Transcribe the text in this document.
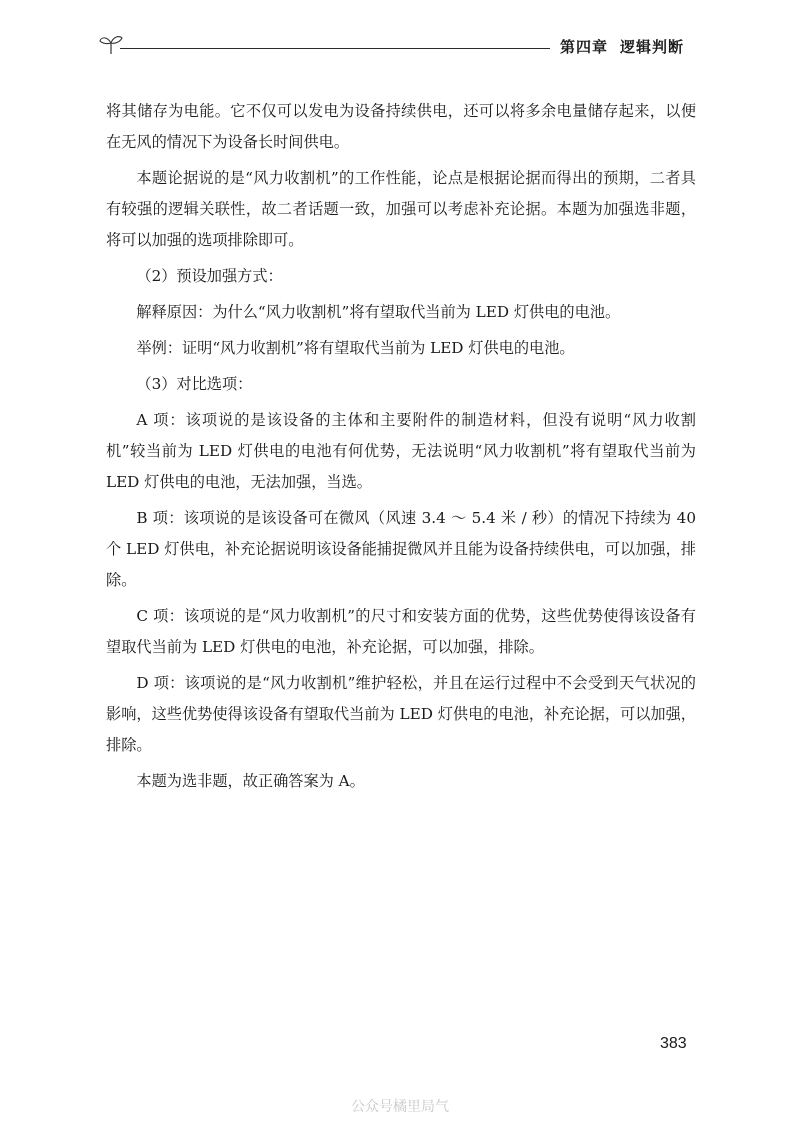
第四章 逻辑判断

将其储存为电能。它不仅可以发电为设备持续供电，还可以将多余电量储存起来，以便在无风的情况下为设备长时间供电。

本题论据说的是“风力收割机”的工作性能，论点是根据论据而得出的预期，二者具有较强的逻辑关联性，故二者话题一致，加强可以考虑补充论据。本题为加强选非题，将可以加强的选项排除即可。

（2）预设加强方式：

解释原因：为什么“风力收割机”将有望取代当前为 LED 灯供电的电池。

举例：证明“风力收割机”将有望取代当前为 LED 灯供电的电池。

（3）对比选项：

A 项：该项说的是该设备的主体和主要附件的制造材料，但没有说明“风力收割机”较当前为 LED 灯供电的电池有何优势，无法说明“风力收割机”将有望取代当前为 LED 灯供电的电池，无法加强，当选。

B 项：该项说的是该设备可在微风（风速 3.4 ～ 5.4 米 / 秒）的情况下持续为 40 个 LED 灯供电，补充论据说明该设备能捕捉微风并且能为设备持续供电，可以加强，排除。

C 项：该项说的是“风力收割机”的尺寸和安装方面的优势，这些优势使得该设备有望取代当前为 LED 灯供电的电池，补充论据，可以加强，排除。

D 项：该项说的是“风力收割机”维护轻松，并且在运行过程中不会受到天气状况的影响，这些优势使得该设备有望取代当前为 LED 灯供电的电池，补充论据，可以加强，排除。

本题为选非题，故正确答案为 A。

383
公众号橘里局气
